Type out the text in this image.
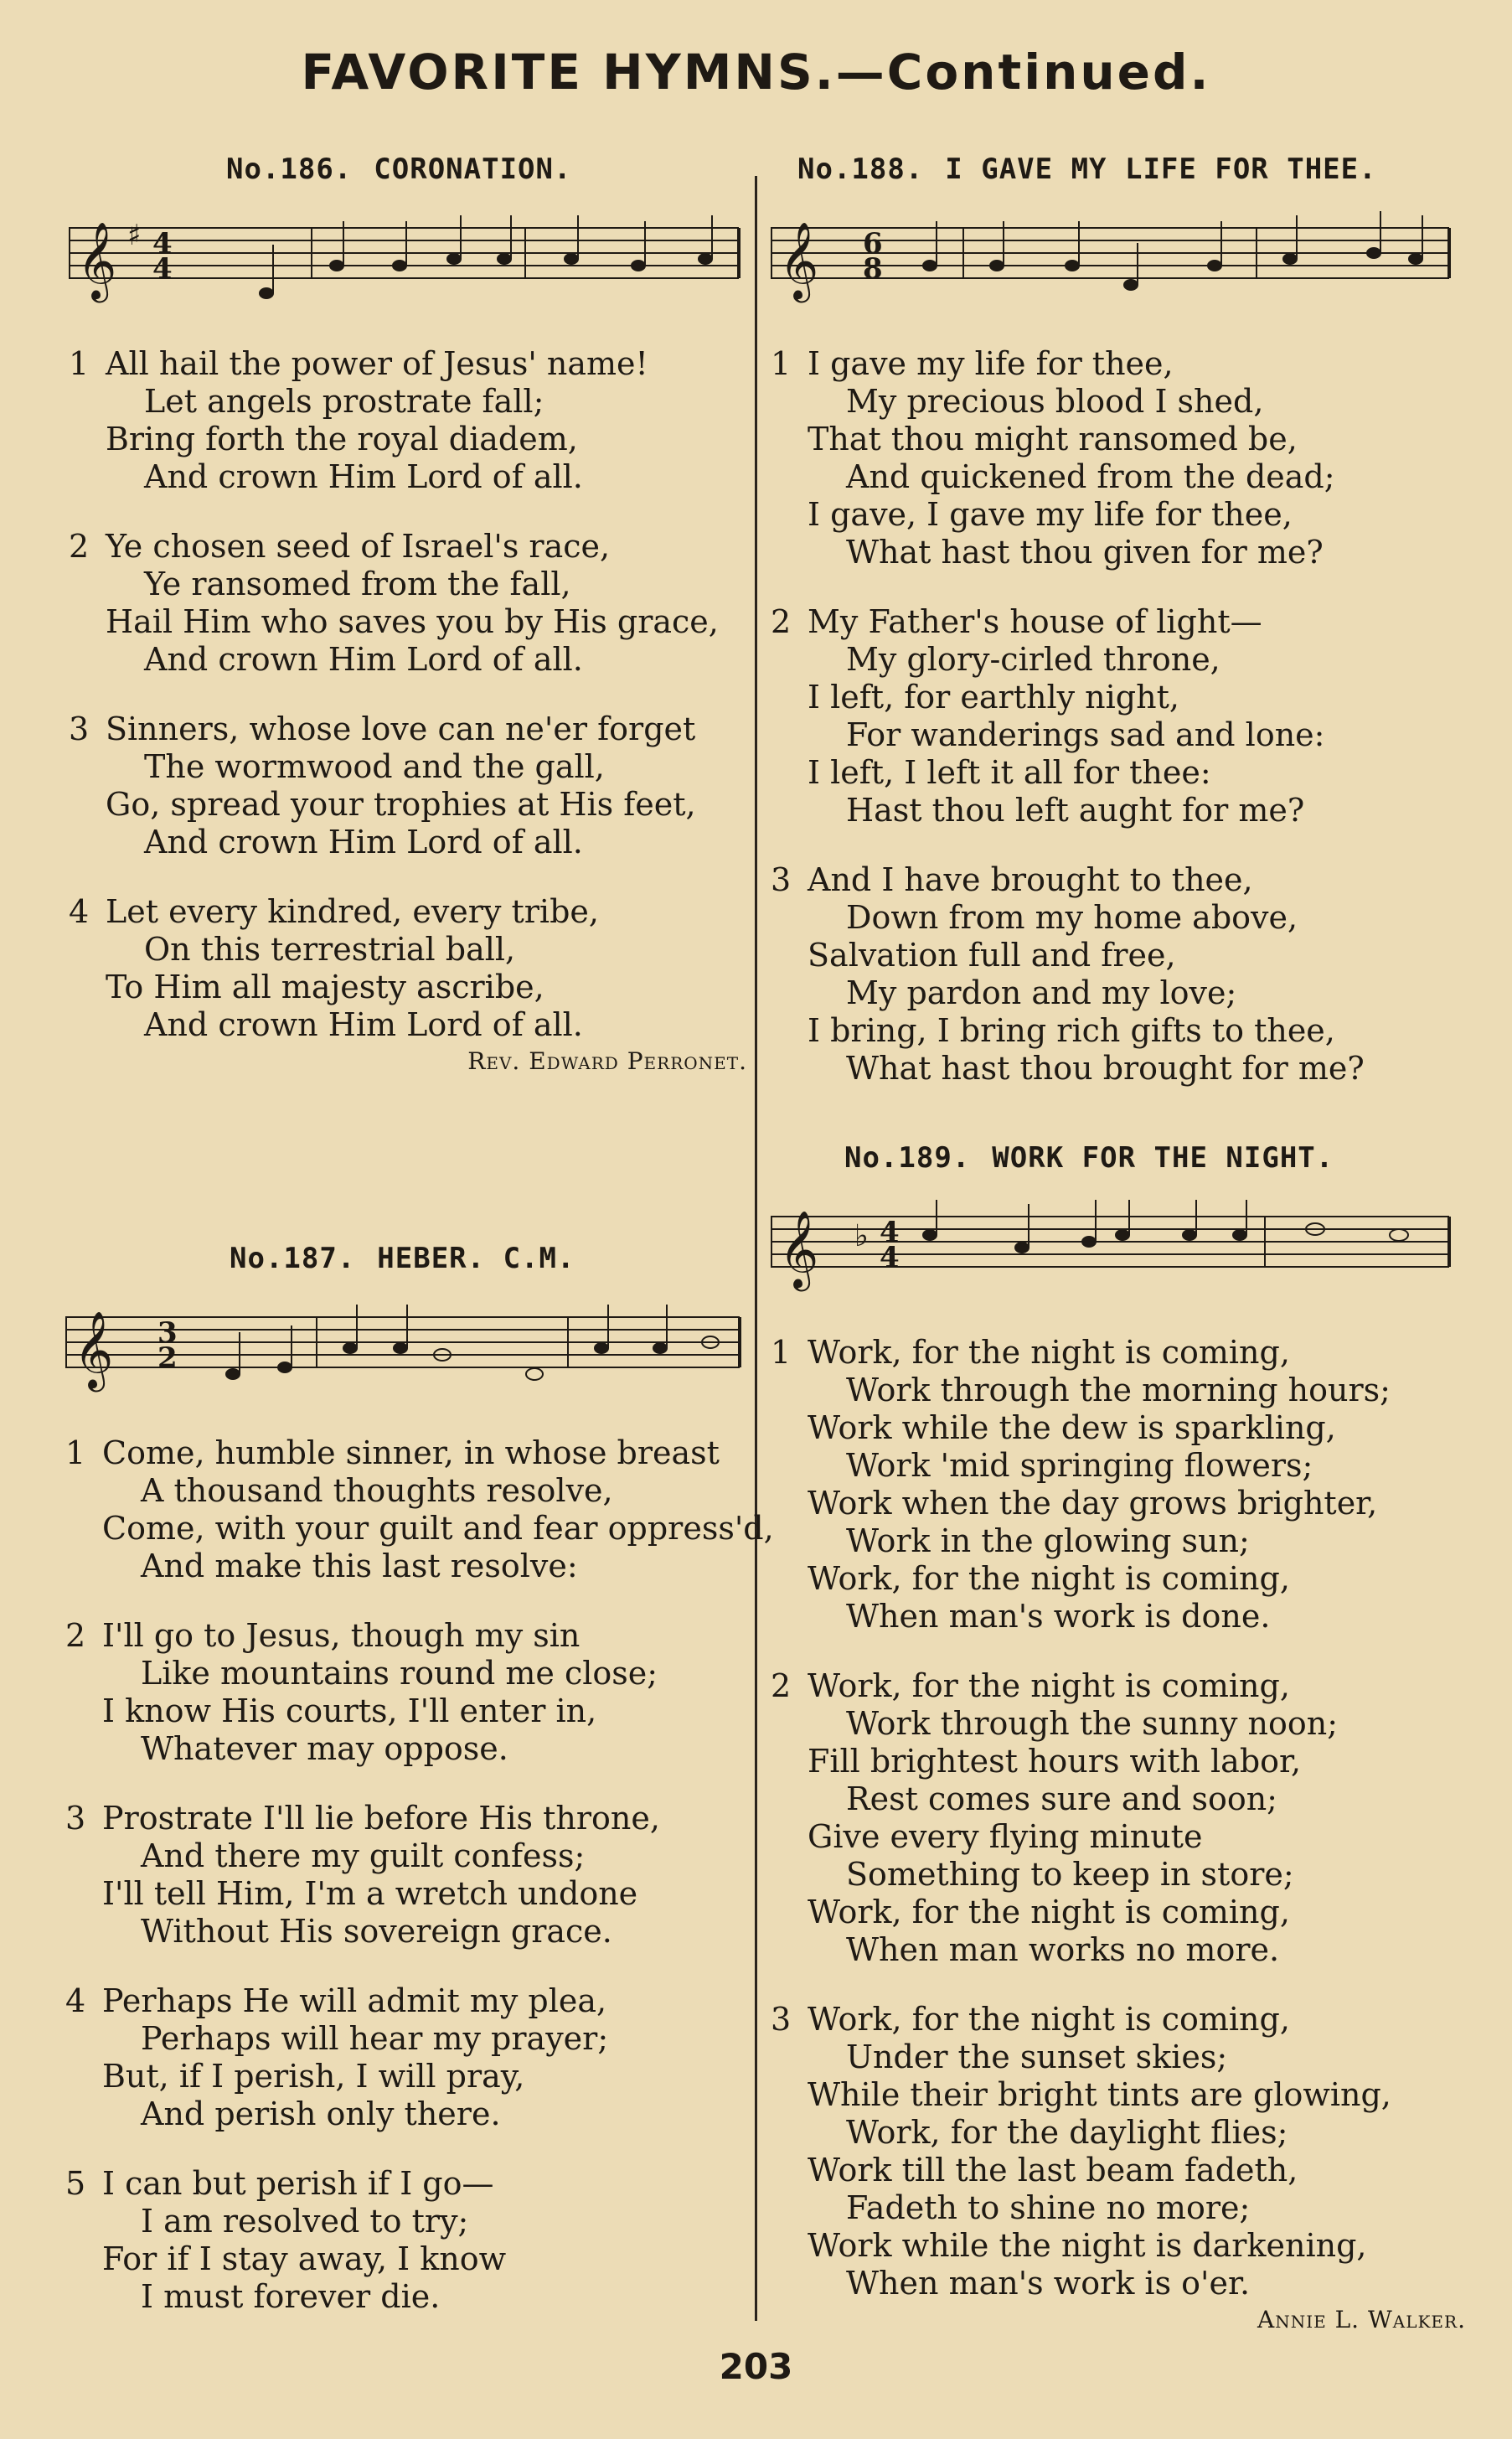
FAVORITE HYMNS.—Continued.
No.186. CORONATION.
𝄞 ♯ 4
4
1 All hail the power of Jesus' name!
Let angels prostrate fall;
Bring forth the royal diadem,
And crown Him Lord of all.
2 Ye chosen seed of Israel's race,
Ye ransomed from the fall,
Hail Him who saves you by His grace,
And crown Him Lord of all.
3 Sinners, whose love can ne'er forget
The wormwood and the gall,
Go, spread your trophies at His feet,
And crown Him Lord of all.
4 Let every kindred, every tribe,
On this terrestrial ball,
To Him all majesty ascribe,
And crown Him Lord of all.
Rev. Edward Perronet.
No.187. HEBER. C.M.
𝄞 3
2
1 Come, humble sinner, in whose breast
A thousand thoughts resolve,
Come, with your guilt and fear oppress'd,
And make this last resolve:
2 I'll go to Jesus, though my sin
Like mountains round me close;
I know His courts, I'll enter in,
Whatever may oppose.
3 Prostrate I'll lie before His throne,
And there my guilt confess;
I'll tell Him, I'm a wretch undone
Without His sovereign grace.
4 Perhaps He will admit my plea,
Perhaps will hear my prayer;
But, if I perish, I will pray,
And perish only there.
5 I can but perish if I go—
I am resolved to try;
For if I stay away, I know
I must forever die.
No.188. I GAVE MY LIFE FOR THEE.
𝄞 6
8
1 I gave my life for thee,
My precious blood I shed,
That thou might ransomed be,
And quickened from the dead;
I gave, I gave my life for thee,
What hast thou given for me?
2 My Father's house of light—
My glory-cirled throne,
I left, for earthly night,
For wanderings sad and lone:
I left, I left it all for thee:
Hast thou left aught for me?
3 And I have brought to thee,
Down from my home above,
Salvation full and free,
My pardon and my love;
I bring, I bring rich gifts to thee,
What hast thou brought for me?
No.189. WORK FOR THE NIGHT.
𝄞 ♭ 4
4
1 Work, for the night is coming,
Work through the morning hours;
Work while the dew is sparkling,
Work 'mid springing flowers;
Work when the day grows brighter,
Work in the glowing sun;
Work, for the night is coming,
When man's work is done.
2 Work, for the night is coming,
Work through the sunny noon;
Fill brightest hours with labor,
Rest comes sure and soon;
Give every flying minute
Something to keep in store;
Work, for the night is coming,
When man works no more.
3 Work, for the night is coming,
Under the sunset skies;
While their bright tints are glowing,
Work, for the daylight flies;
Work till the last beam fadeth,
Fadeth to shine no more;
Work while the night is darkening,
When man's work is o'er.
Annie L. Walker.
203
